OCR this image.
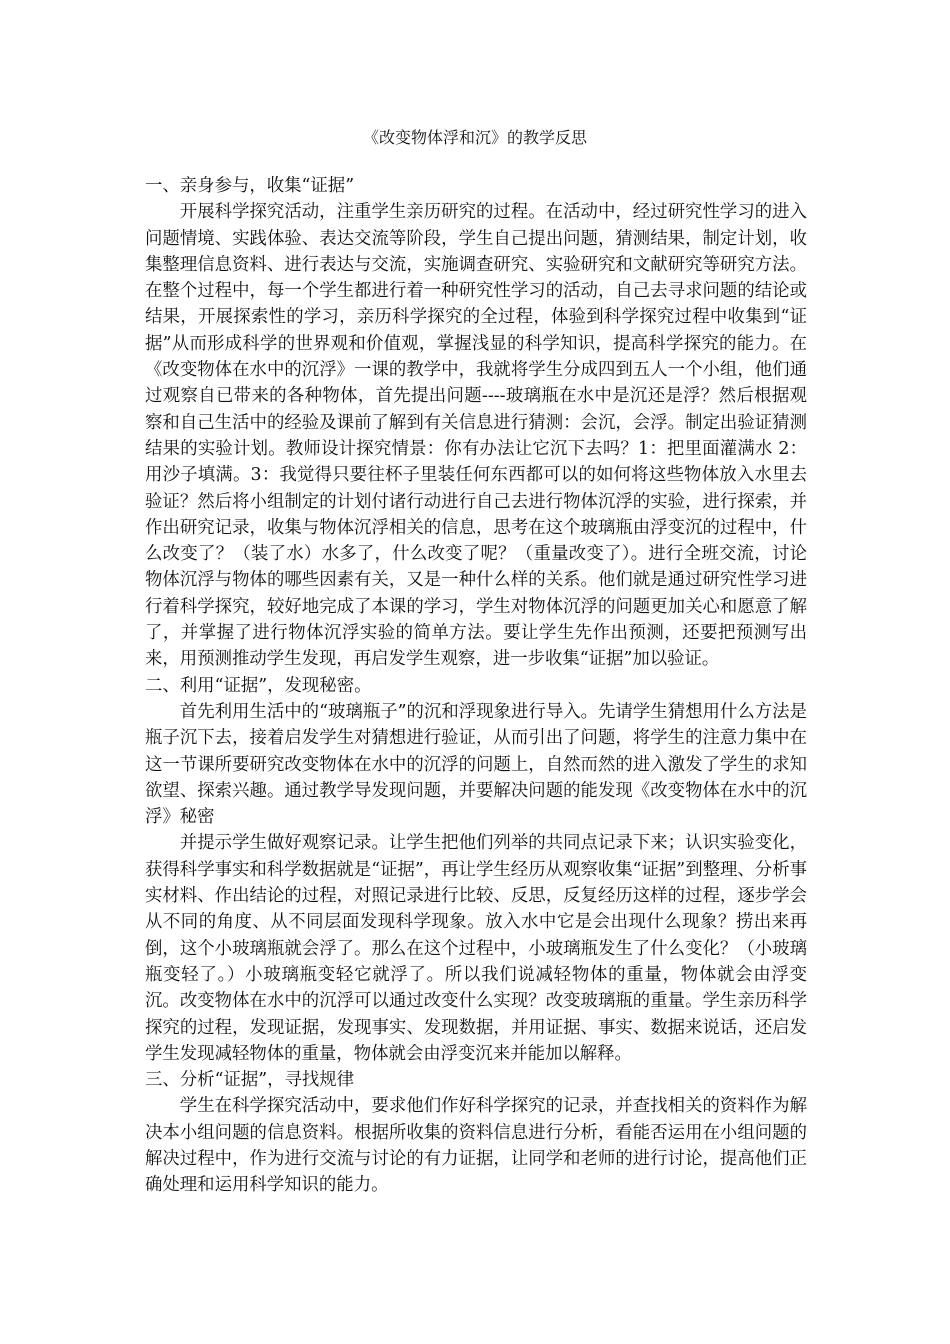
《改变物体浮和沉》的教学反思

一、亲身参与，收集“证据”

开展科学探究活动，注重学生亲历研究的过程。在活动中，经过研究性学习的进入问题情境、实践体验、表达交流等阶段，学生自己提出问题，猜测结果，制定计划，收集整理信息资料、进行表达与交流，实施调查研究、实验研究和文献研究等研究方法。在整个过程中，每一个学生都进行着一种研究性学习的活动，自己去寻求问题的结论或结果，开展探索性的学习，亲历科学探究的全过程，体验到科学探究过程中收集到“证据”从而形成科学的世界观和价值观，掌握浅显的科学知识，提高科学探究的能力。在《改变物体在水中的沉浮》一课的教学中，我就将学生分成四到五人一个小组，他们通过观察自已带来的各种物体，首先提出问题----玻璃瓶在水中是沉还是浮？然后根据观察和自己生活中的经验及课前了解到有关信息进行猜测：会沉，会浮。制定出验证猜测结果的实验计划。教师设计探究情景：你有办法让它沉下去吗？1：把里面灌满水 2：用沙子填满。3：我觉得只要往杯子里装任何东西都可以的如何将这些物体放入水里去验证？然后将小组制定的计划付诸行动进行自己去进行物体沉浮的实验，进行探索，并作出研究记录，收集与物体沉浮相关的信息，思考在这个玻璃瓶由浮变沉的过程中，什么改变了？（装了水）水多了，什么改变了呢？（重量改变了）。进行全班交流，讨论物体沉浮与物体的哪些因素有关，又是一种什么样的关系。他们就是通过研究性学习进行着科学探究，较好地完成了本课的学习，学生对物体沉浮的问题更加关心和愿意了解了，并掌握了进行物体沉浮实验的简单方法。要让学生先作出预测，还要把预测写出来，用预测推动学生发现，再启发学生观察，进一步收集“证据”加以验证。

二、利用“证据”，发现秘密。

首先利用生活中的“玻璃瓶子”的沉和浮现象进行导入。先请学生猜想用什么方法是瓶子沉下去，接着启发学生对猜想进行验证，从而引出了问题，将学生的注意力集中在这一节课所要研究改变物体在水中的沉浮的问题上，自然而然的进入激发了学生的求知欲望、探索兴趣。通过教学导发现问题，并要解决问题的能发现《改变物体在水中的沉浮》秘密

并提示学生做好观察记录。让学生把他们列举的共同点记录下来；认识实验变化，获得科学事实和科学数据就是“证据”，再让学生经历从观察收集“证据”到整理、分析事实材料、作出结论的过程，对照记录进行比较、反思，反复经历这样的过程，逐步学会从不同的角度、从不同层面发现科学现象。放入水中它是会出现什么现象？捞出来再倒，这个小玻璃瓶就会浮了。那么在这个过程中，小玻璃瓶发生了什么变化？（小玻璃瓶变轻了。）小玻璃瓶变轻它就浮了。所以我们说减轻物体的重量，物体就会由浮变沉。改变物体在水中的沉浮可以通过改变什么实现？改变玻璃瓶的重量。学生亲历科学探究的过程，发现证据，发现事实、发现数据，并用证据、事实、数据来说话，还启发学生发现减轻物体的重量，物体就会由浮变沉来并能加以解释。

三、分析“证据”，寻找规律

学生在科学探究活动中，要求他们作好科学探究的记录，并查找相关的资料作为解决本小组问题的信息资料。根据所收集的资料信息进行分析，看能否运用在小组问题的解决过程中，作为进行交流与讨论的有力证据，让同学和老师的进行讨论，提高他们正确处理和运用科学知识的能力。
